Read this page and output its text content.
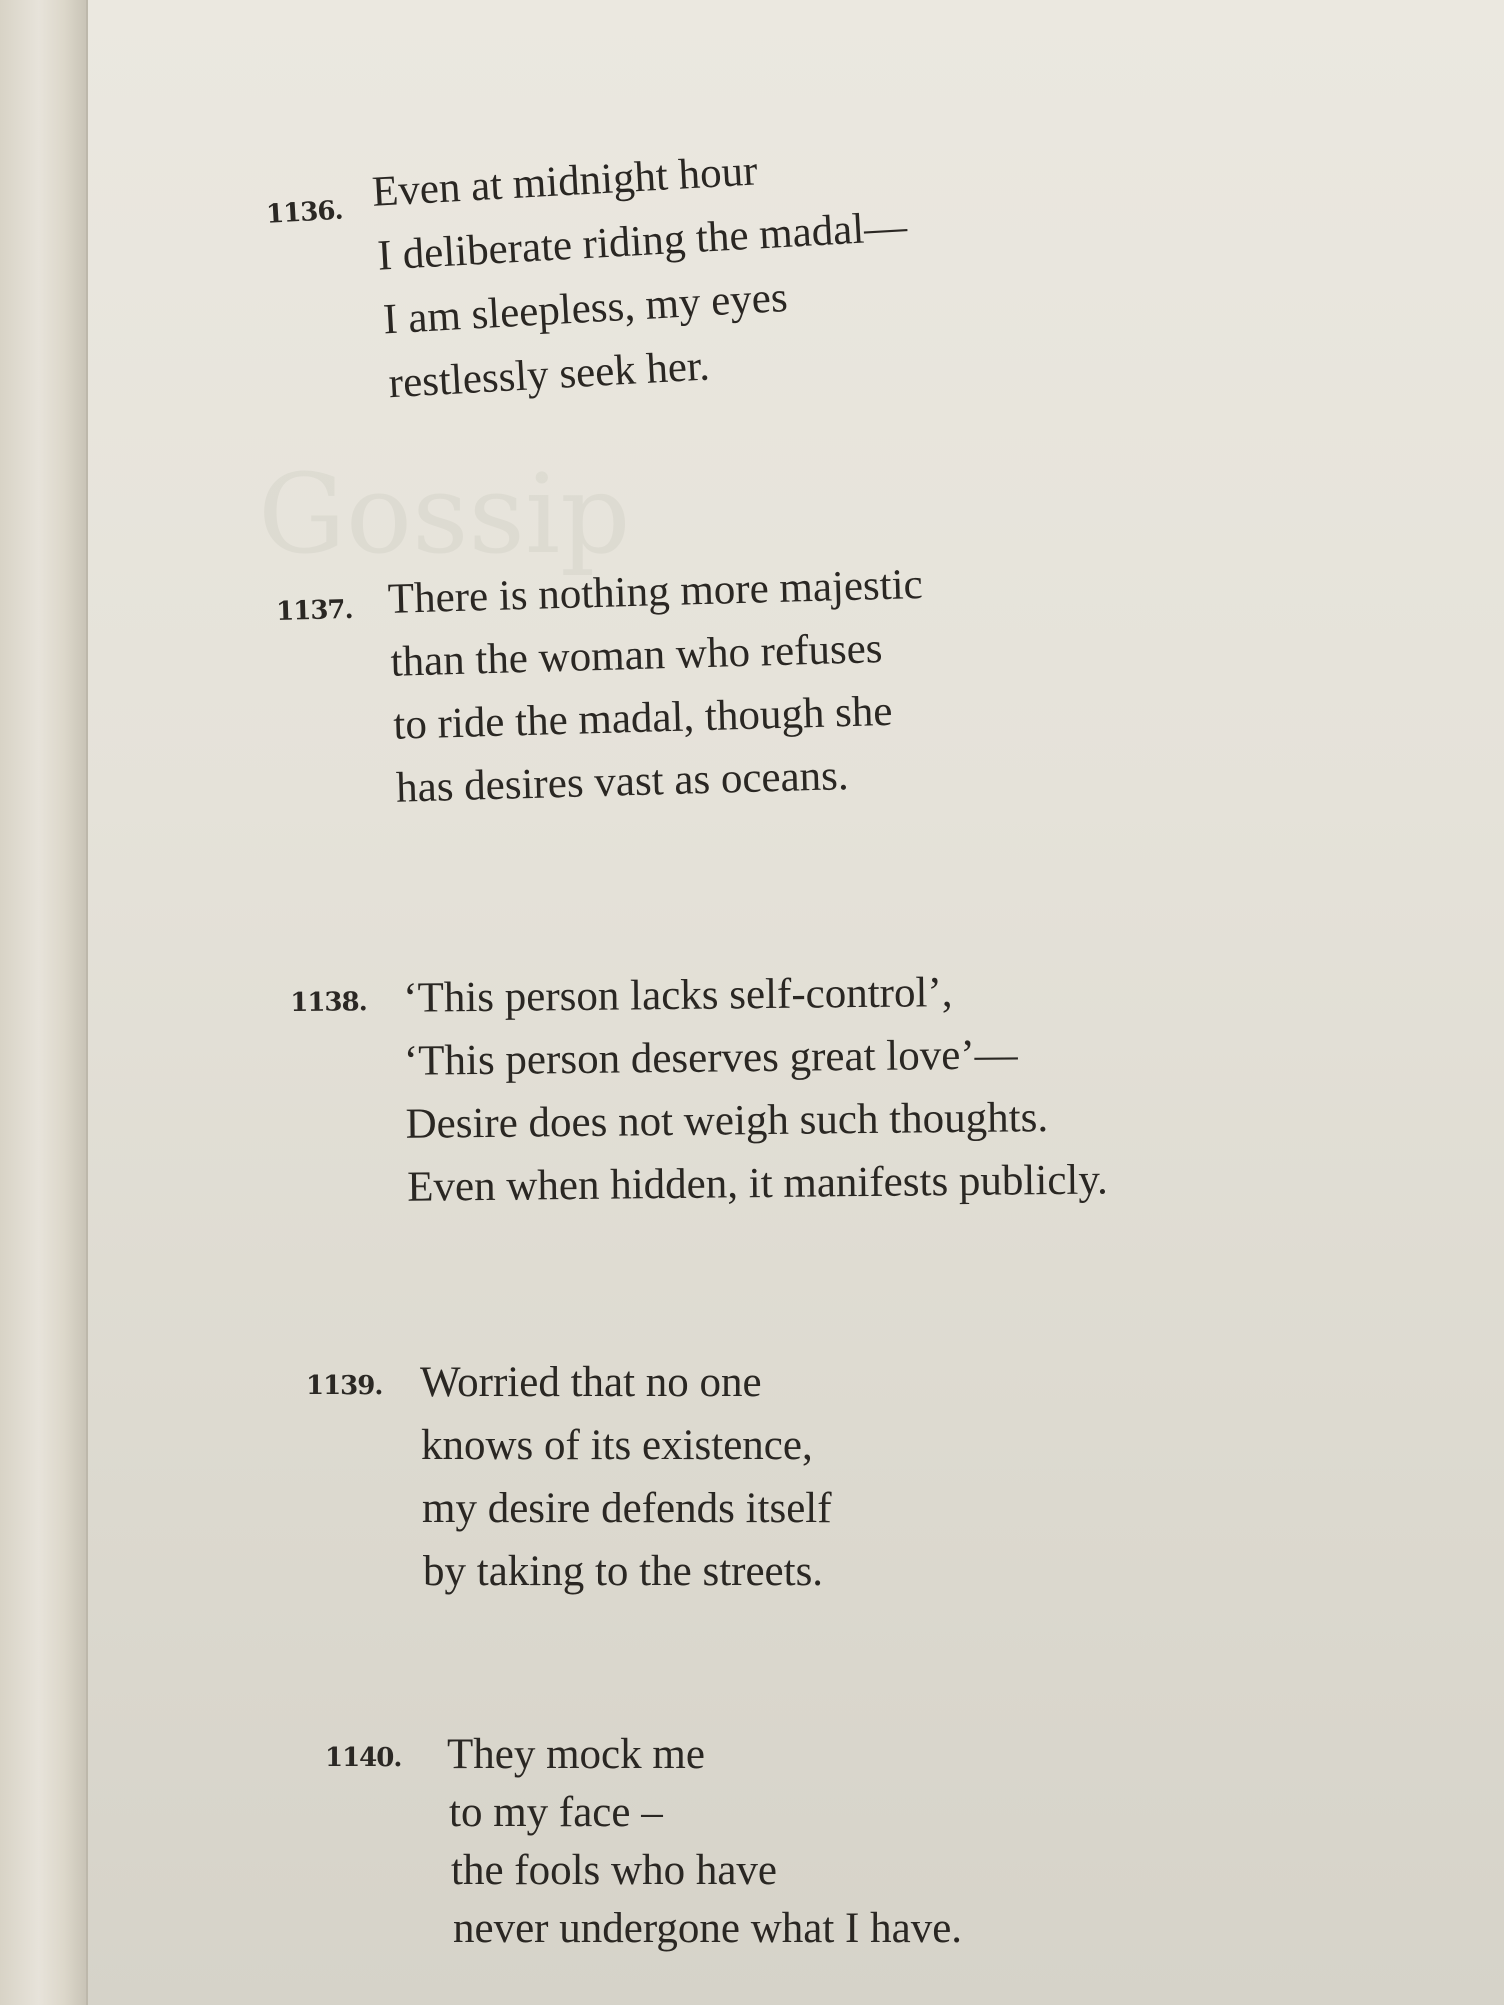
Gossip
1136. Even at midnight hour
I deliberate riding the madal—
I am sleepless, my eyes
restlessly seek her.
1137. There is nothing more majestic
than the woman who refuses
to ride the madal, though she
has desires vast as oceans.
1138. ‘This person lacks self-control’,
‘This person deserves great love’—
Desire does not weigh such thoughts.
Even when hidden, it manifests publicly.
1139. Worried that no one
knows of its existence,
my desire defends itself
by taking to the streets.
1140. They mock me
to my face –
the fools who have
never undergone what I have.
